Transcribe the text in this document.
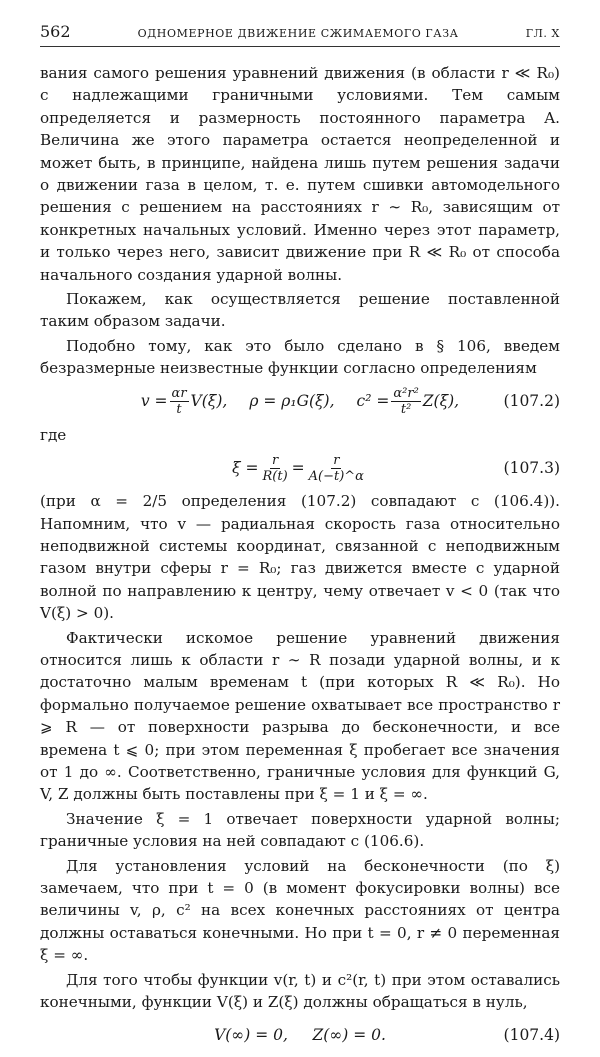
562	ОДНОМЕРНОЕ ДВИЖЕНИЕ СЖИМАЕМОГО ГАЗА	ГЛ. X

вания самого решения уравнений движения (в области r ≪ R₀) с надлежащими граничными условиями. Тем самым определяется и размерность постоянного параметра A. Величина же этого параметра остается неопределенной и может быть, в принципе, найдена лишь путем решения задачи о движении газа в целом, т. е. путем сшивки автомодельного решения с решением на расстояниях r ∼ R₀, зависящим от конкретных начальных условий. Именно через этот параметр, и только через него, зависит движение при R ≪ R₀ от способа начального создания ударной волны.

Покажем, как осуществляется решение поставленной таким образом задачи.

Подобно тому, как это было сделано в § 106, введем безразмерные неизвестные функции согласно определениям

$v = \frac{\alpha r}{t} V(\xi)$, ρ = ρ₁G(ξ), $c^2 = \frac{\text{α²r²}}{\text{t²}} Z(\xi)$,	(107.2)

где

$\xi = \frac{r}{R(t)} = \frac{r}{A(-t)\^{}\alpha}$	(107.3)

(при α = 2/5 определения (107.2) совпадают с (106.4)). Напомним, что v — радиальная скорость газа относительно неподвижной системы координат, связанной с неподвижным газом внутри сферы r = R₀; газ движется вместе с ударной волной по направлению к центру, чему отвечает v < 0 (так что V(ξ) > 0).

Фактически искомое решение уравнений движения относится лишь к области r ∼ R позади ударной волны, и к достаточно малым временам t (при которых R ≪ R₀). Но формально получаемое решение охватывает все пространство r ⩾ R — от поверхности разрыва до бесконечности, и все времена t ⩽ 0; при этом переменная ξ пробегает все значения от 1 до ∞. Соответственно, граничные условия для функций G, V, Z должны быть поставлены при ξ = 1 и ξ = ∞.

Значение ξ = 1 отвечает поверхности ударной волны; граничные условия на ней совпадают с (106.6).

Для установления условий на бесконечности (по ξ) замечаем, что при t = 0 (в момент фокусировки волны) все величины v, ρ, c² на всех конечных расстояниях от центра должны оставаться конечными. Но при t = 0, r ≠ 0 переменная ξ = ∞.

Для того чтобы функции v(r, t) и c²(r, t) при этом оставались конечными, функции V(ξ) и Z(ξ) должны обращаться в нуль,

V(∞) = 0,     Z(∞) = 0.	(107.4)
